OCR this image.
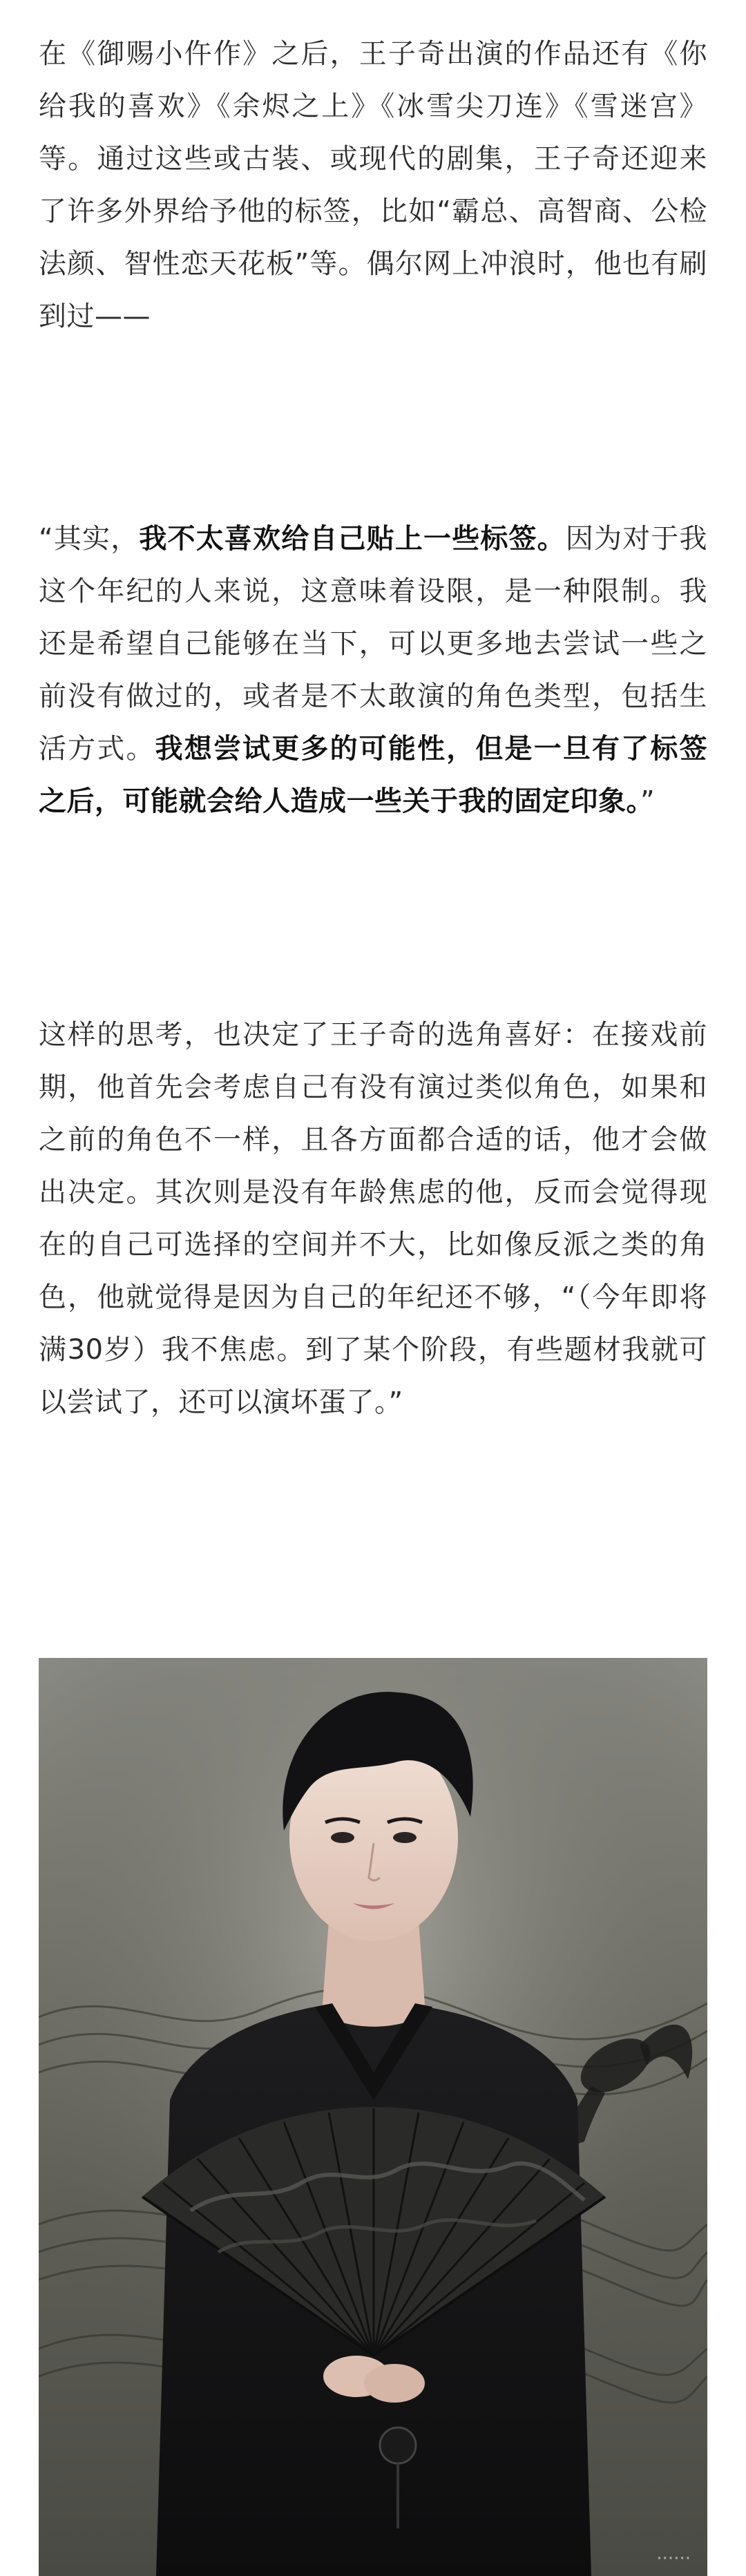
在《御赐小仵作》之后，王子奇出演的作品还有《你给我的喜欢》《余烬之上》《冰雪尖刀连》《雪迷宫》等。通过这些或古装、或现代的剧集，王子奇还迎来了许多外界给予他的标签，比如“霸总、高智商、公检法颜、智性恋天花板”等。偶尔网上冲浪时，他也有刷到过——

“其实，我不太喜欢给自己贴上一些标签。因为对于我这个年纪的人来说，这意味着设限，是一种限制。我还是希望自己能够在当下，可以更多地去尝试一些之前没有做过的，或者是不太敢演的角色类型，包括生活方式。我想尝试更多的可能性，但是一旦有了标签之后，可能就会给人造成一些关于我的固定印象。”

这样的思考，也决定了王子奇的选角喜好：在接戏前期，他首先会考虑自己有没有演过类似角色，如果和之前的角色不一样，且各方面都合适的话，他才会做出决定。其次则是没有年龄焦虑的他，反而会觉得现在的自己可选择的空间并不大，比如像反派之类的角色，他就觉得是因为自己的年纪还不够，“（今年即将满30岁）我不焦虑。到了某个阶段，有些题材我就可以尝试了，还可以演坏蛋了。”

······
